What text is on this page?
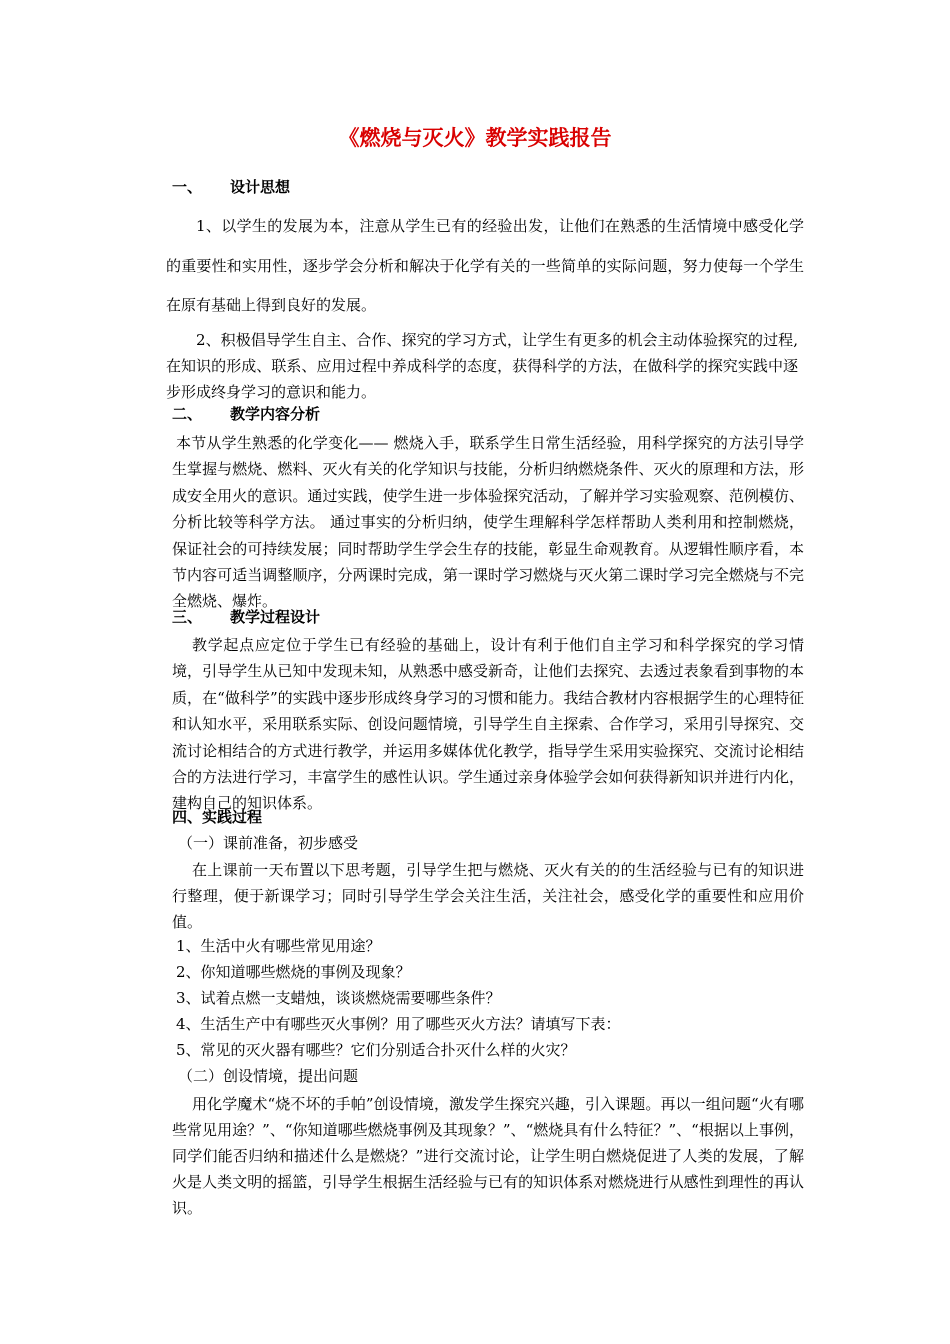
《燃烧与灭火》教学实践报告
一、 设计思想
1、以学生的发展为本，注意从学生已有的经验出发，让他们在熟悉的生活情境中感受化学的重要性和实用性，逐步学会分析和解决于化学有关的一些简单的实际问题，努力使每一个学生在原有基础上得到良好的发展。
2、积极倡导学生自主、合作、探究的学习方式，让学生有更多的机会主动体验探究的过程,在知识的形成、联系、应用过程中养成科学的态度，获得科学的方法，在做科学的探究实践中逐步形成终身学习的意识和能力。
二、 教学内容分析
本节从学生熟悉的化学变化—— 燃烧入手，联系学生日常生活经验，用科学探究的方法引导学生掌握与燃烧、燃料、灭火有关的化学知识与技能，分析归纳燃烧条件、灭火的原理和方法，形成安全用火的意识。通过实践，使学生进一步体验探究活动，了解并学习实验观察、范例模仿、分析比较等科学方法。 通过事实的分析归纳，使学生理解科学怎样帮助人类利用和控制燃烧，保证社会的可持续发展；同时帮助学生学会生存的技能，彰显生命观教育。从逻辑性顺序看，本节内容可适当调整顺序，分两课时完成，第一课时学习燃烧与灭火第二课时学习完全燃烧与不完全燃烧、爆炸。
三、 教学过程设计
教学起点应定位于学生已有经验的基础上，设计有利于他们自主学习和科学探究的学习情境，引导学生从已知中发现未知，从熟悉中感受新奇，让他们去探究、去透过表象看到事物的本质，在“做科学”的实践中逐步形成终身学习的习惯和能力。我结合教材内容根据学生的心理特征和认知水平，采用联系实际、创设问题情境，引导学生自主探索、合作学习，采用引导探究、交流讨论相结合的方式进行教学，并运用多媒体优化教学，指导学生采用实验探究、交流讨论相结合的方法进行学习，丰富学生的感性认识。学生通过亲身体验学会如何获得新知识并进行内化，建构自己的知识体系。
四、实践过程
（一）课前准备，初步感受
在上课前一天布置以下思考题，引导学生把与燃烧、灭火有关的的生活经验与已有的知识进行整理，便于新课学习；同时引导学生学会关注生活，关注社会，感受化学的重要性和应用价值。
1、生活中火有哪些常见用途？
2、你知道哪些燃烧的事例及现象？
3、试着点燃一支蜡烛，谈谈燃烧需要哪些条件？
4、生活生产中有哪些灭火事例？用了哪些灭火方法？请填写下表：
5、常见的灭火器有哪些？它们分别适合扑灭什么样的火灾？
（二）创设情境，提出问题
用化学魔术“烧不坏的手帕”创设情境，激发学生探究兴趣，引入课题。再以一组问题“火有哪些常见用途？”、“你知道哪些燃烧事例及其现象？”、“燃烧具有什么特征？”、“根据以上事例，同学们能否归纳和描述什么是燃烧？”进行交流讨论，让学生明白燃烧促进了人类的发展，了解火是人类文明的摇篮，引导学生根据生活经验与已有的知识体系对燃烧进行从感性到理性的再认识。
